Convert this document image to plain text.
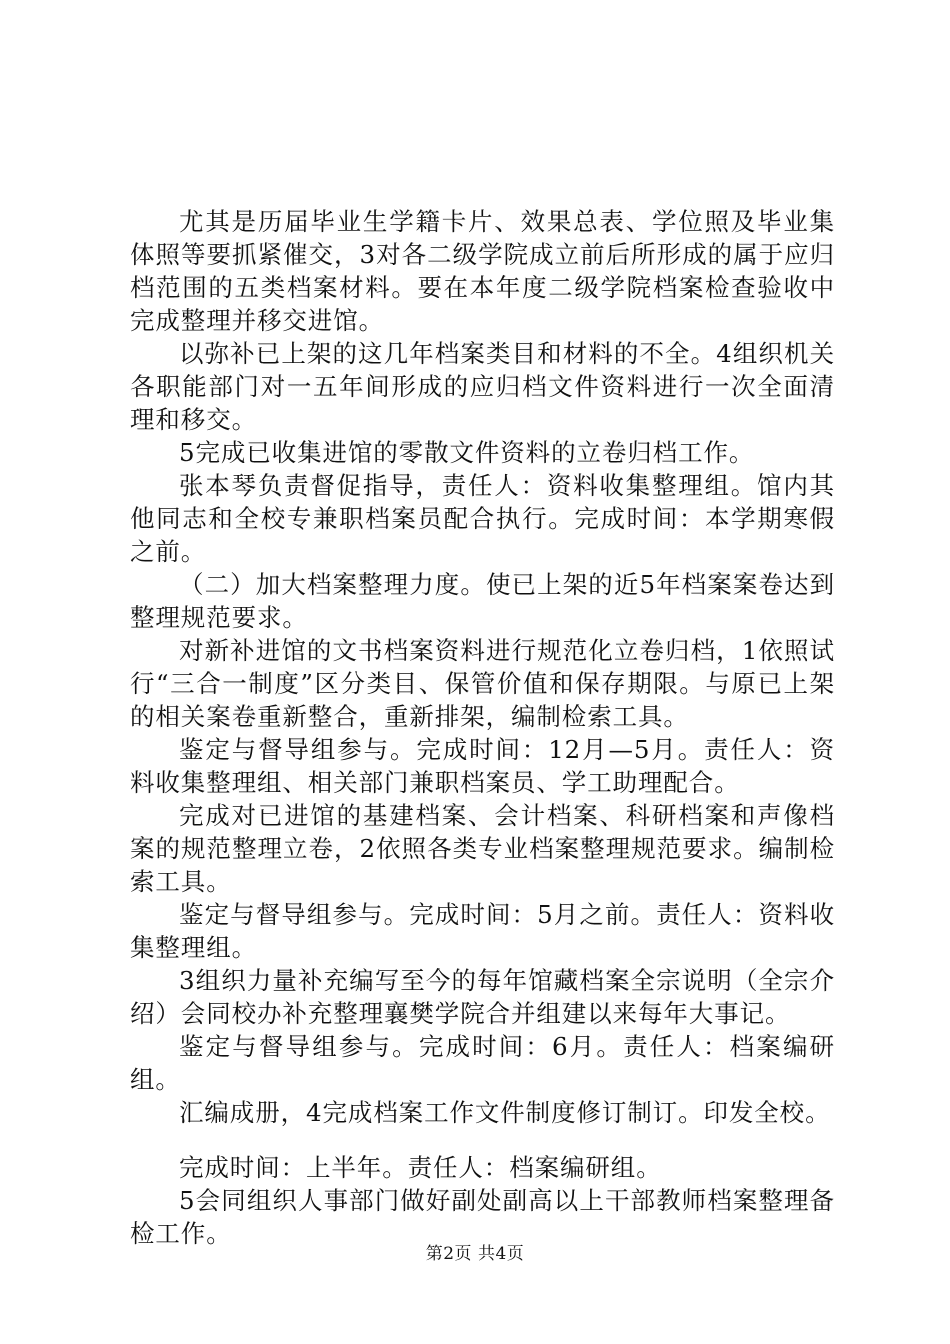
尤其是历届毕业生学籍卡片、效果总表、学位照及毕业集体照等要抓紧催交，3对各二级学院成立前后所形成的属于应归档范围的五类档案材料。要在本年度二级学院档案检查验收中完成整理并移交进馆。

以弥补已上架的这几年档案类目和材料的不全。4组织机关各职能部门对一五年间形成的应归档文件资料进行一次全面清理和移交。

5完成已收集进馆的零散文件资料的立卷归档工作。

张本琴负责督促指导，责任人：资料收集整理组。馆内其他同志和全校专兼职档案员配合执行。完成时间：本学期寒假之前。

（二）加大档案整理力度。使已上架的近5年档案案卷达到整理规范要求。

对新补进馆的文书档案资料进行规范化立卷归档，1依照试行“三合一制度”区分类目、保管价值和保存期限。与原已上架的相关案卷重新整合，重新排架，编制检索工具。

鉴定与督导组参与。完成时间：12月—5月。责任人：资料收集整理组、相关部门兼职档案员、学工助理配合。

完成对已进馆的基建档案、会计档案、科研档案和声像档案的规范整理立卷，2依照各类专业档案整理规范要求。编制检索工具。

鉴定与督导组参与。完成时间：5月之前。责任人：资料收集整理组。

3组织力量补充编写至今的每年馆藏档案全宗说明（全宗介绍）会同校办补充整理襄樊学院合并组建以来每年大事记。

鉴定与督导组参与。完成时间：6月。责任人：档案编研组。

汇编成册，4完成档案工作文件制度修订制订。印发全校。

完成时间：上半年。责任人：档案编研组。

5会同组织人事部门做好副处副高以上干部教师档案整理备检工作。

第2页 共4页
